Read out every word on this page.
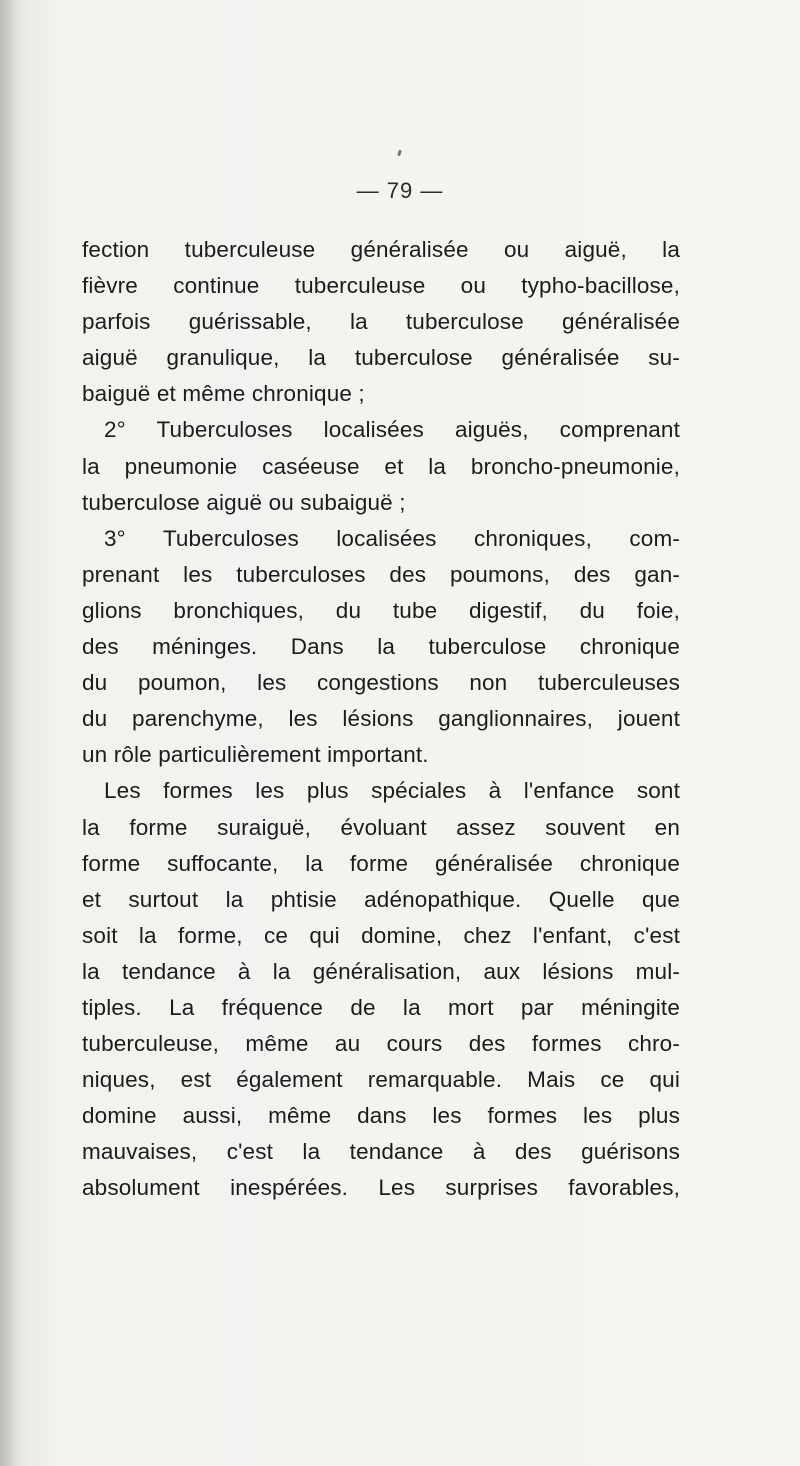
— 79 —
fection tuberculeuse généralisée ou aiguë, la
fièvre continue tuberculeuse ou typho-bacillose,
parfois guérissable, la tuberculose généralisée
aiguë granulique, la tuberculose généralisée su-
baiguë et même chronique ;
2° Tuberculoses localisées aiguës, comprenant
la pneumonie caséeuse et la broncho-pneumonie,
tuberculose aiguë ou subaiguë ;
3° Tuberculoses localisées chroniques, com-
prenant les tuberculoses des poumons, des gan-
glions bronchiques, du tube digestif, du foie,
des méninges. Dans la tuberculose chronique
du poumon, les congestions non tuberculeuses
du parenchyme, les lésions ganglionnaires, jouent
un rôle particulièrement important.
Les formes les plus spéciales à l'enfance sont
la forme suraiguë, évoluant assez souvent en
forme suffocante, la forme généralisée chronique
et surtout la phtisie adénopathique. Quelle que
soit la forme, ce qui domine, chez l'enfant, c'est
la tendance à la généralisation, aux lésions mul-
tiples. La fréquence de la mort par méningite
tuberculeuse, même au cours des formes chro-
niques, est également remarquable. Mais ce qui
domine aussi, même dans les formes les plus
mauvaises, c'est la tendance à des guérisons
absolument inespérées. Les surprises favorables,
